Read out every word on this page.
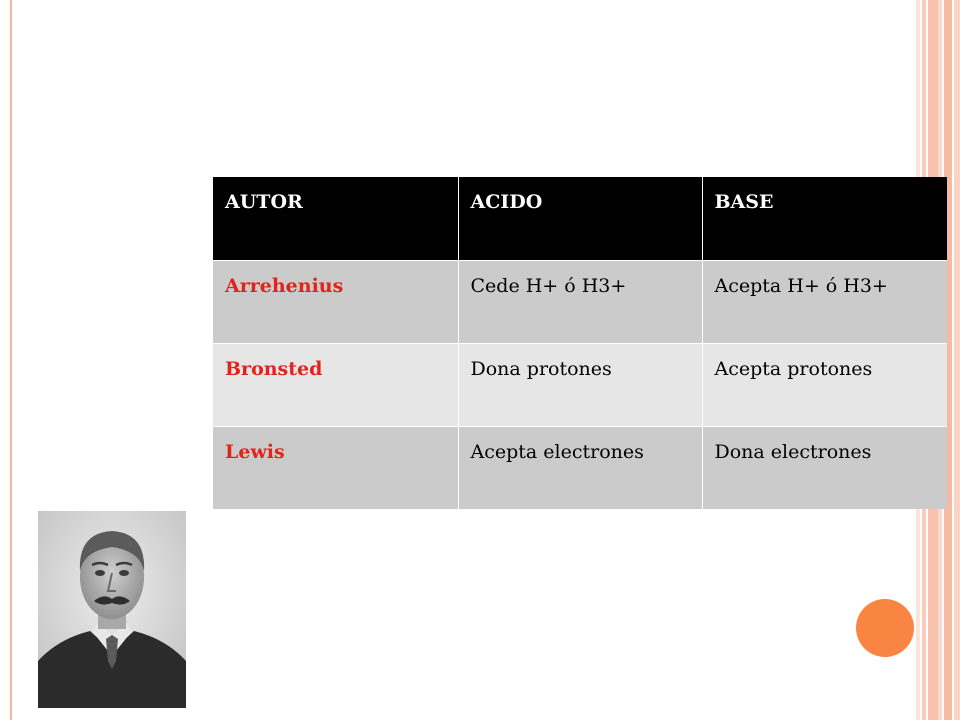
AUTOR	ACIDO	BASE
Arrehenius	Cede H+ ó H3+	Acepta H+ ó H3+
Bronsted	Dona protones	Acepta protones
Lewis	Acepta electrones	Dona electrones
